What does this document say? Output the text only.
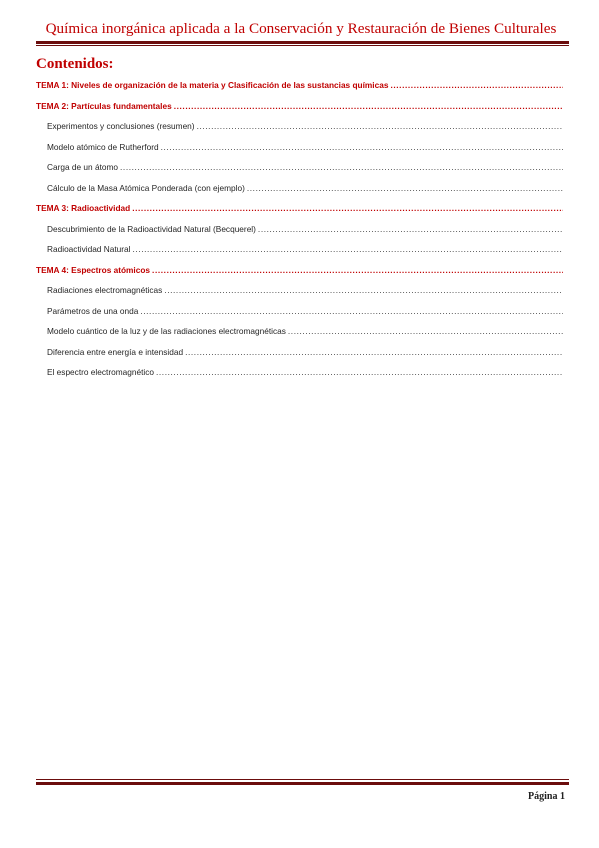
Química inorgánica aplicada a la Conservación y Restauración de Bienes Culturales
Contenidos:
TEMA 1: Niveles de organización de la materia y Clasificación de las sustancias químicas
.....
TEMA 2: Partículas fundamentales
.....
Experimentos y conclusiones (resumen)
.....
Modelo atómico de Rutherford
.....
Carga de un átomo
.....
Cálculo de la Masa Atómica Ponderada (con ejemplo)
.....
TEMA 3: Radioactividad
.....
Descubrimiento de la Radioactividad Natural (Becquerel)
.....
Radioactividad Natural
.....
TEMA 4: Espectros atómicos
.....
Radiaciones electromagnéticas
.....
Parámetros de una onda
.....
Modelo cuántico de la luz y de las radiaciones electromagnéticas
.....
Diferencia entre energía e intensidad
.....
El espectro electromagnético
.....
Página 1
